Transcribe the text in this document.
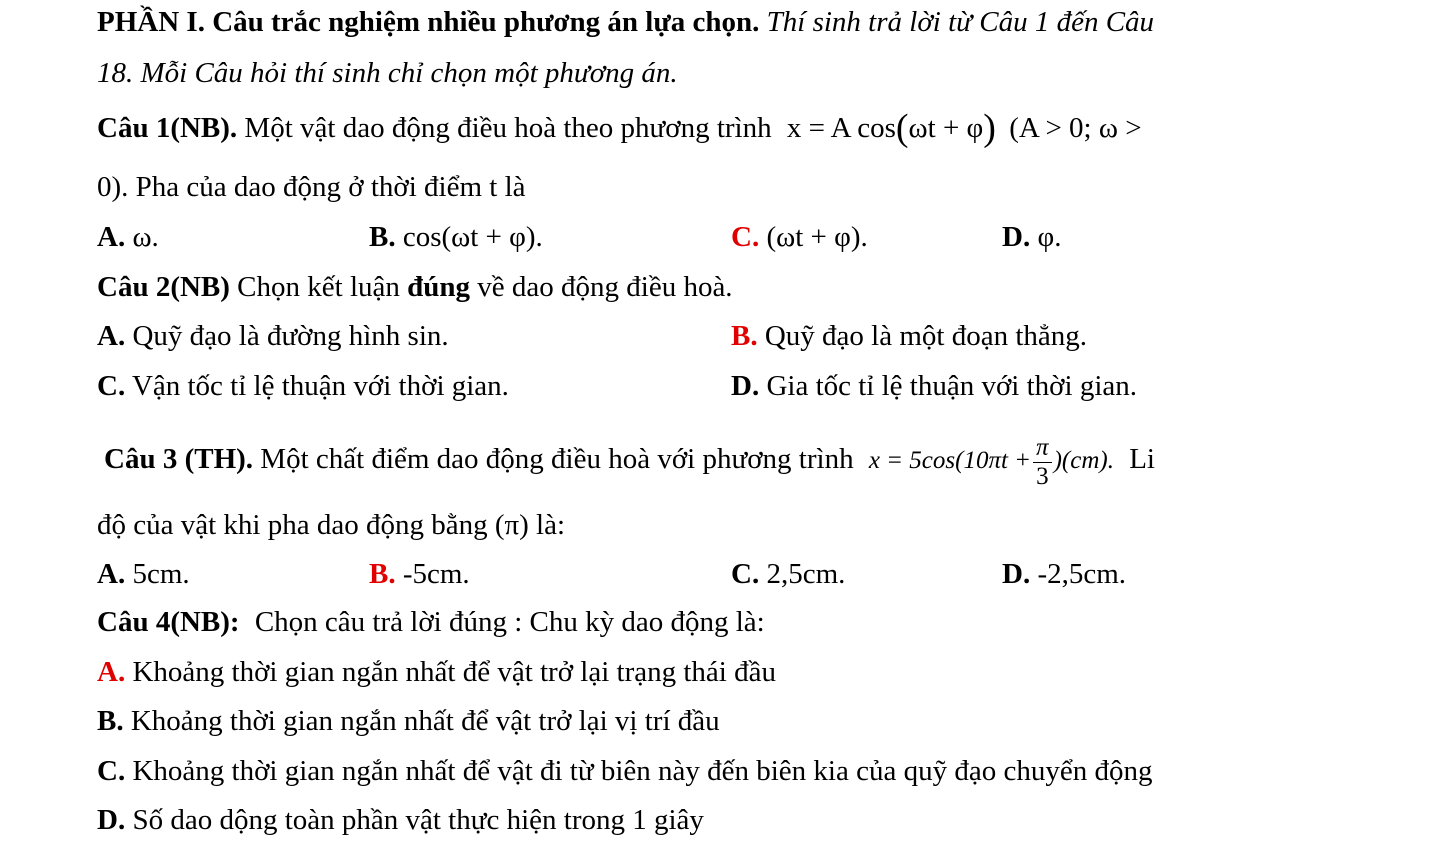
PHẦN I. Câu trắc nghiệm nhiều phương án lựa chọn. Thí sinh trả lời từ Câu 1 đến Câu
18. Mỗi Câu hỏi thí sinh chỉ chọn một phương án.
Câu 1(NB). Một vật dao động điều hoà theo phương trình x = A cos(ωt + φ) (A > 0; ω >
0). Pha của dao động ở thời điểm t là
A. ω.	B. cos(ωt + φ).	C. (ωt + φ).	D. φ.
Câu 2(NB) Chọn kết luận đúng về dao động điều hoà.
A. Quỹ đạo là đường hình sin.	B. Quỹ đạo là một đoạn thẳng.
C. Vận tốc tỉ lệ thuận với thời gian.	D. Gia tốc tỉ lệ thuận với thời gian.
Câu 3 (TH). Một chất điểm dao động điều hoà với phương trình $x = 5\cos(10\pi t + \frac{\pi}{3} )(cm)$. Li
độ của vật khi pha dao động bằng (π) là:
A. 5cm.	B. -5cm.	C. 2,5cm.	D. -2,5cm.
Câu 4(NB): Chọn câu trả lời đúng : Chu kỳ dao động là:
A. Khoảng thời gian ngắn nhất để vật trở lại trạng thái đầu
B. Khoảng thời gian ngắn nhất để vật trở lại vị trí đầu
C. Khoảng thời gian ngắn nhất để vật đi từ biên này đến biên kia của quỹ đạo chuyển động
D. Số dao dộng toàn phần vật thực hiện trong 1 giây
